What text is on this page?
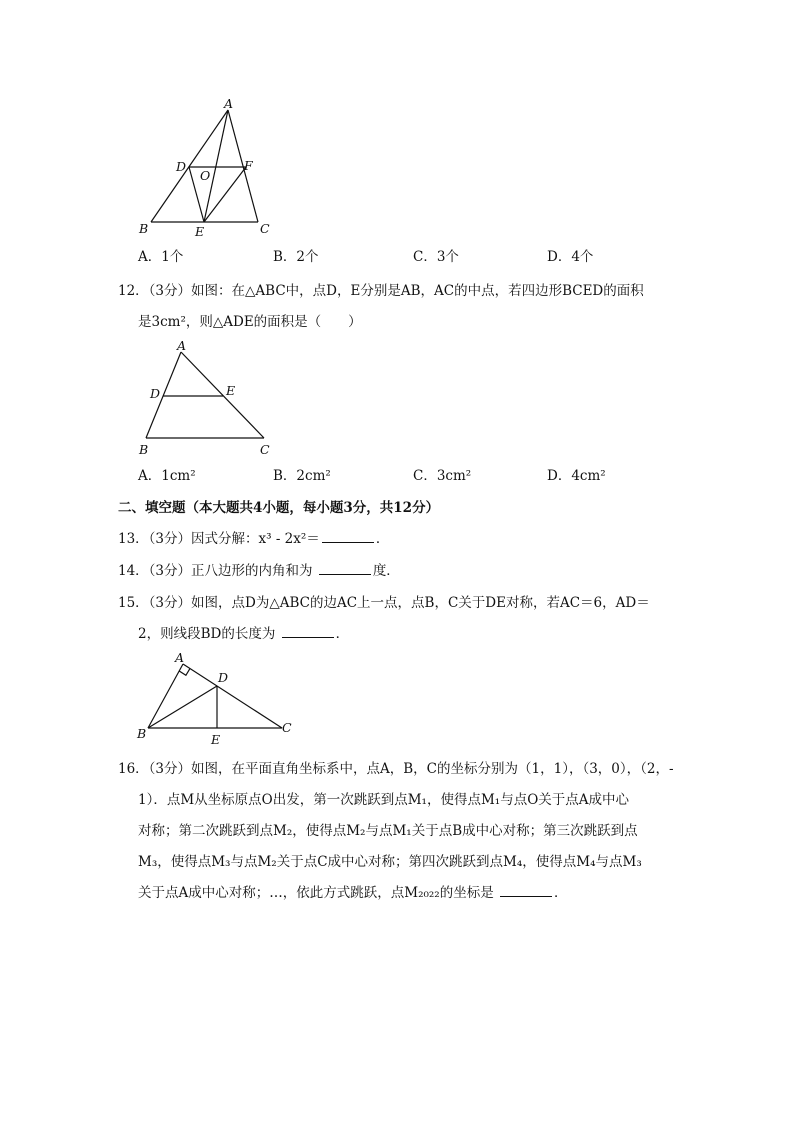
A
D
O
F
B	E	C
A．1个	B．2个	C．3个	D．4个
12．（3分）如图：在△ABC中，点D，E分别是AB，AC的中点，若四边形BCED的面积
是3cm²，则△ADE的面积是（　　）
A
D	E
B	C
A．1cm²	B．2cm²	C．3cm²	D．4cm²
二、填空题（本大题共4小题，每小题3分，共12分）
13．（3分）因式分解：x³ - 2x²＝	．
14．（3分）正八边形的内角和为	度．
15．（3分）如图，点D为△ABC的边AC上一点，点B，C关于DE对称，若AC＝6，AD＝
2，则线段BD的长度为	．
A
D
B	E
C
16．（3分）如图，在平面直角坐标系中，点A，B，C的坐标分别为（1，1），（3，0），（2，-
1）．点M从坐标原点O出发，第一次跳跃到点M₁，使得点M₁与点O关于点A成中心
对称；第二次跳跃到点M₂，使得点M₂与点M₁关于点B成中心对称；第三次跳跃到点
M₃，使得点M₃与点M₂关于点C成中心对称；第四次跳跃到点M₄，使得点M₄与点M₃
关于点A成中心对称；…，依此方式跳跃，点M₂₀₂₂的坐标是	．
